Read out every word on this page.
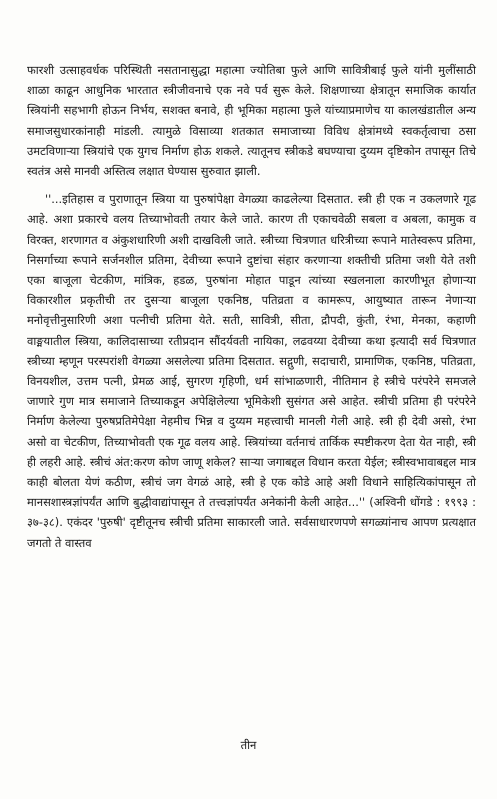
फारशी उत्साहवर्धक परिस्थिती नसतानासुद्धा महात्मा ज्योतिबा फुले आणि सावित्रीबाई फुले यांनी मुलींसाठी शाळा काढून आधुनिक भारतात स्त्रीजीवनाचे एक नवे पर्व सुरू केले. शिक्षणाच्या क्षेत्रातून समाजिक कार्यात स्त्रियांनी सहभागी होऊन निर्भय, सशक्त बनावे, ही भूमिका महात्मा फुले यांच्याप्रमाणेच या कालखंडातील अन्य समाजसुधारकांनाही मांडली. त्यामुळे विसाव्या शतकात समाजाच्या विविध क्षेत्रांमध्ये स्वकर्तृत्वाचा ठसा उमटविणाऱ्या स्त्रियांचे एक युगच निर्माण होऊ शकले. त्यातूनच स्त्रीकडे बघण्याचा दुय्यम दृष्टिकोन तपासून तिचे स्वतंत्र असे मानवी अस्तित्व लक्षात घेण्यास सुरुवात झाली.

''...इतिहास व पुराणातून स्त्रिया या पुरुषांपेक्षा वेगळ्या काढलेल्या दिसतात. स्त्री ही एक न उकलणारे गूढ आहे. अशा प्रकारचे वलय तिच्याभोवती तयार केले जाते. कारण ती एकाचवेळी सबला व अबला, कामुक व विरक्त, शरणागत व अंकुशधारिणी अशी दाखविली जाते. स्त्रीच्या चित्रणात धरित्रीच्या रूपाने मातेस्वरूप प्रतिमा, निसर्गाच्या रूपाने सर्जनशील प्रतिमा, देवीच्या रूपाने दुष्टांचा संहार करणाऱ्या शक्तीची प्रतिमा जशी येते तशी एका बाजूला चेटकीण, मांत्रिक, हडळ, पुरुषांना मोहात पाडून त्यांच्या स्खलनाला कारणीभूत होणाऱ्या विकारशील प्रकृतीची तर दुसऱ्या बाजूला एकनिष्ठ, पतिव्रता व कामरूप, आयुष्यात तारून नेणाऱ्या मनोवृत्तीनुसारिणी अशा पत्नीची प्रतिमा येते. सती, सावित्री, सीता, द्रौपदी, कुंती, रंभा, मेनका, कहाणी वाङ्मयातील स्त्रिया, कालिदासाच्या रतीप्रदान सौंदर्यवती नायिका, लढवय्या देवीच्या कथा इत्यादी सर्व चित्रणात स्त्रीच्या म्हणून परस्परांशी वेगळ्या असलेल्या प्रतिमा दिसतात. सद्गुणी, सदाचारी, प्रामाणिक, एकनिष्ठ, पतिव्रता, विनयशील, उत्तम पत्नी, प्रेमळ आई, सुगरण गृहिणी, धर्म सांभाळणारी, नीतिमान हे स्त्रीचे परंपरेने समजले जाणारे गुण मात्र समाजाने तिच्याकडून अपेक्षिलेल्या भूमिकेशी सुसंगत असे आहेत. स्त्रीची प्रतिमा ही परंपरेने निर्माण केलेल्या पुरुषप्रतिमेपेक्षा नेहमीच भिन्न व दुय्यम महत्त्वाची मानली गेली आहे. स्त्री ही देवी असो, रंभा असो वा चेटकीण, तिच्याभोवती एक गूढ वलय आहे. स्त्रियांच्या वर्तनाचं तार्किक स्पष्टीकरण देता येत नाही, स्त्री ही लहरी आहे. स्त्रीचं अंत:करण कोण जाणू शकेल? साऱ्या जगाबद्दल विधान करता येईल; स्त्रीस्वभावाबद्दल मात्र काही बोलता येणं कठीण, स्त्रीचं जग वेगळं आहे, स्त्री हे एक कोडे आहे अशी विधाने साहित्यिकांपासून तो मानसशास्त्रज्ञांपर्यंत आणि बुद्धीवाद्यांपासून ते तत्त्वज्ञांपर्यंत अनेकांनी केली आहेत...'' (अश्विनी धोंगडे : १९९३ : ३७-३८). एकंदर 'पुरुषी' दृष्टीतूनच स्त्रीची प्रतिमा साकारली जाते. सर्वसाधारणपणे सगळ्यांनाच आपण प्रत्यक्षात जगतो ते वास्तव

तीन
